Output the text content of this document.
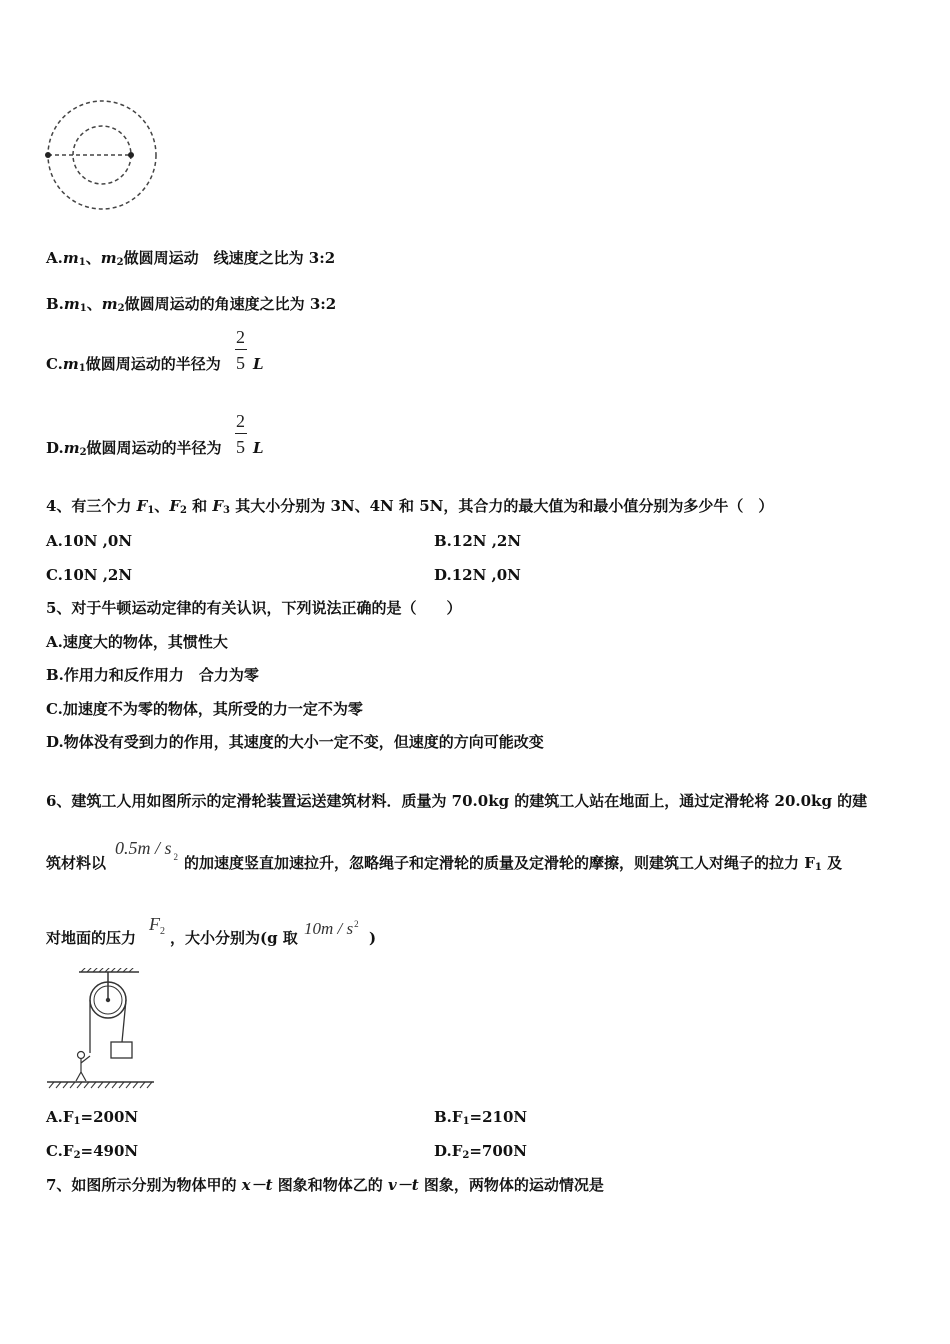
$A.m_1$、$m_2$做圆周运动　线速度之比为 3:2
$B.m_1$、$m_2$做圆周运动的角速度之比为 3:2
$C.m_1$做圆周运动的半径为
2
5 L
$D.m_2$做圆周运动的半径为
2
5 L
4、有三个力 $F_1$、$F_2$ 和 $F_3$ 其大小分别为 3N、4N 和 5N，其合力的最大值为和最小值分别为多少牛（　）
A.10N ,0N	B.12N ,2N
C.10N ,2N	D.12N ,0N
5、对于牛顿运动定律的有关认识，下列说法正确的是（　　）
A.速度大的物体，其惯性大
B.作用力和反作用力　合力为零
C.加速度不为零的物体，其所受的力一定不为零
D.物体没有受到力的作用，其速度的大小一定不变，但速度的方向可能改变
6、建筑工人用如图所示的定滑轮装置运送建筑材料．质量为 70.0kg 的建筑工人站在地面上，通过定滑轮将 20.0kg 的建
筑材料以
0.5m / s $_2$ 的加速度竖直加速拉升，忽略绳子和定滑轮的质量及定滑轮的摩擦，则建筑工人对绳子的拉力 $F_1$ 及
对地面的压力
$F_2$ ，大小分别为(g 取 $10m / s^2$
)
$A.F_1=200N$	$B.F_1=210N$
$C.F_2=490N$	$D.F_2=700N$
7、如图所示分别为物体甲的 x－t 图象和物体乙的 v－t 图象，两物体的运动情况是
